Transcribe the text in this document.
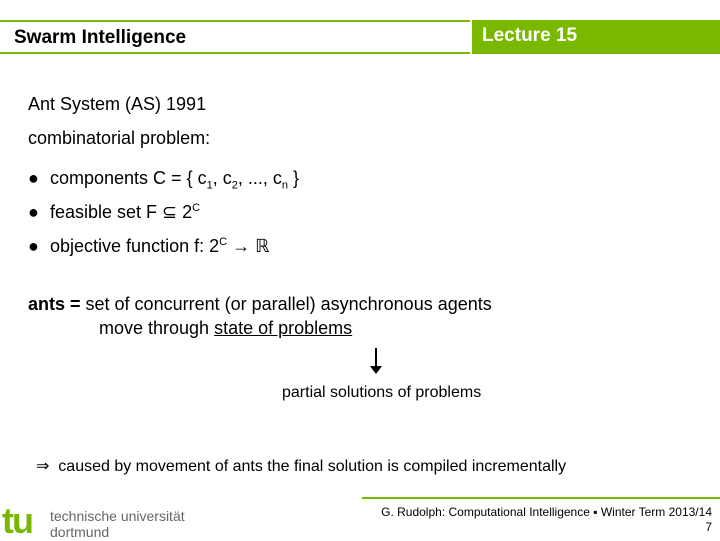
Swarm Intelligence	Lecture 15
Ant System (AS) 1991
combinatorial problem:
● components C = { $c_1$, $c_2$, ..., $c_n$ }
● feasible set F ⊆ $2^C$
● objective function f: $2^C$ → ℝ
ants = set of concurrent (or parallel) asynchronous agents
move through state of problems
partial solutions of problems
⇒ caused by movement of ants the final solution is compiled incrementally
tu technische universität
dortmund
G. Rudolph: Computational Intelligence ▪ Winter Term 2013/14
7
